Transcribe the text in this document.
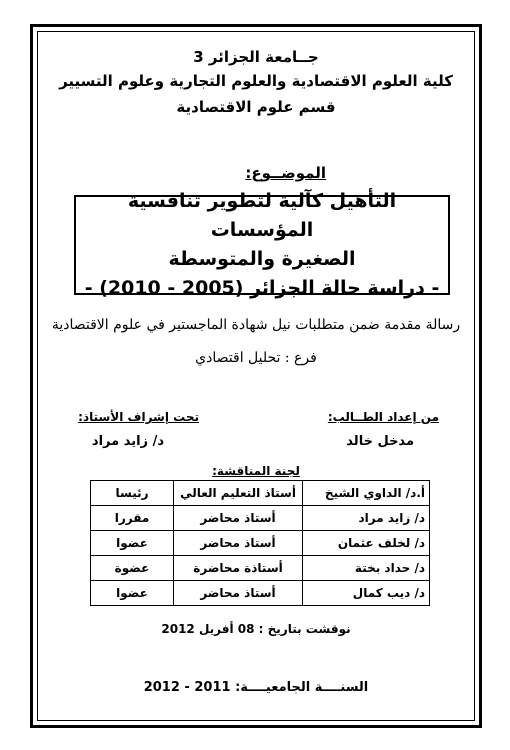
جــامعة الجزائر 3
كلية العلوم الاقتصادية والعلوم التجارية وعلوم التسيير
قسم علوم الاقتصادية
الموضــوع:
التأهيل كآلية لتطوير تنافسية المؤسسات
الصغيرة والمتوسطة
- دراسة حالة الجزائر (2005 - 2010) -
رسالة مقدمة ضمن متطلبات نيل شهادة الماجستير في علوم الاقتصادية
فرع : تحليل اقتصادي
من إعداد الطــالب:
مدخل خالد
تحت إشراف الأستاذ:
د/ زايد مراد
لجنة المناقشة:
أ.د/ الداوي الشيخ	أستاذ التعليم العالي	رئيسا
د/ زايد مراد	أستاذ محاضر	مقررا
د/ لخلف عثمان	أستاذ محاضر	عضوا
د/ حداد بختة	أستاذة محاضرة	عضوة
د/ ديب كمال	أستاذ محاضر	عضوا
نوقشت بتاريخ : 08 أفريل 2012
السنــــة الجامعيــــة: 2011 - 2012
